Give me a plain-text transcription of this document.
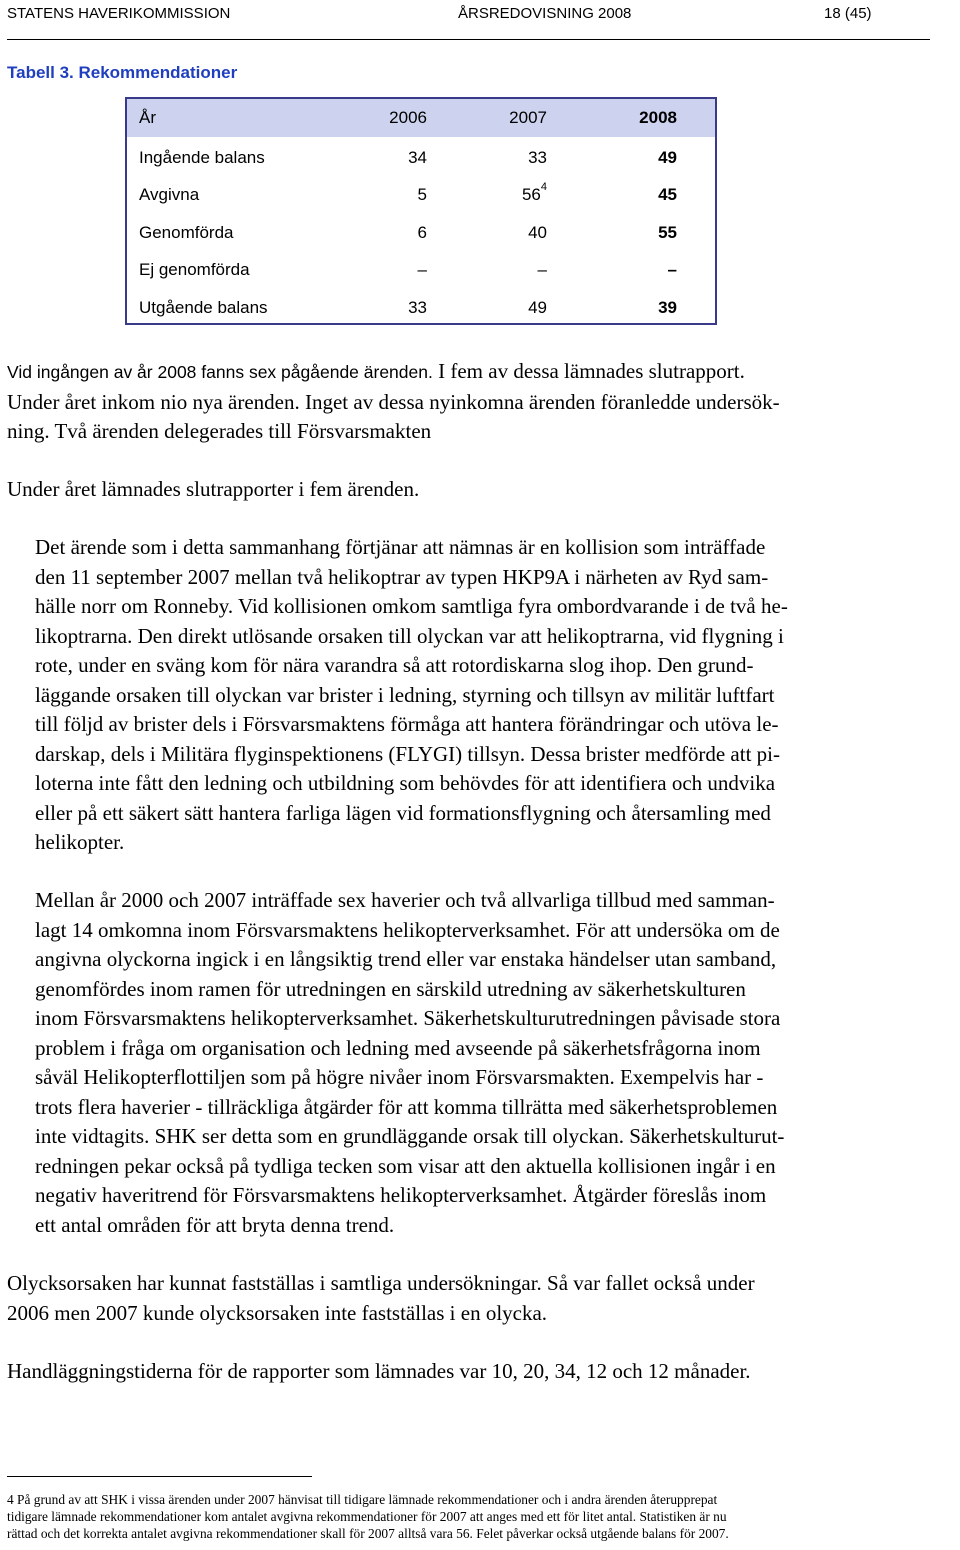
STATENS HAVERIKOMMISSION	ÅRSREDOVISNING 2008	18 (45)
Tabell 3. Rekommendationer
År	2006	2007	2008
Ingående balans	34	33	49
Avgivna	5	$56^4$	45
Genomförda	6	40	55
Ej genomförda	–	–	–
Utgående balans	33	49	39
Vid ingången av år 2008 fanns sex pågående ärenden. I fem av dessa lämnades slutrapport.
Under året inkom nio nya ärenden. Inget av dessa nyinkomna ärenden föranledde undersök-
ning. Två ärenden delegerades till Försvarsmakten

Under året lämnades slutrapporter i fem ärenden.

Det ärende som i detta sammanhang förtjänar att nämnas är en kollision som inträffade
den 11 september 2007 mellan två helikoptrar av typen HKP9A i närheten av Ryd sam-
hälle norr om Ronneby. Vid kollisionen omkom samtliga fyra ombordvarande i de två he-
likoptrarna. Den direkt utlösande orsaken till olyckan var att helikoptrarna, vid flygning i
rote, under en sväng kom för nära varandra så att rotordiskarna slog ihop. Den grund-
läggande orsaken till olyckan var brister i ledning, styrning och tillsyn av militär luftfart
till följd av brister dels i Försvarsmaktens förmåga att hantera förändringar och utöva le-
darskap, dels i Militära flyginspektionens (FLYGI) tillsyn. Dessa brister medförde att pi-
loterna inte fått den ledning och utbildning som behövdes för att identifiera och undvika
eller på ett säkert sätt hantera farliga lägen vid formationsflygning och återsamling med
helikopter.
Mellan år 2000 och 2007 inträffade sex haverier och två allvarliga tillbud med samman-
lagt 14 omkomna inom Försvarsmaktens helikopterverksamhet. För att undersöka om de
angivna olyckorna ingick i en långsiktig trend eller var enstaka händelser utan samband,
genomfördes inom ramen för utredningen en särskild utredning av säkerhetskulturen
inom Försvarsmaktens helikopterverksamhet. Säkerhetskulturutredningen påvisade stora
problem i fråga om organisation och ledning med avseende på säkerhetsfrågorna inom
såväl Helikopterflottiljen som på högre nivåer inom Försvarsmakten. Exempelvis har -
trots flera haverier - tillräckliga åtgärder för att komma tillrätta med säkerhetsproblemen
inte vidtagits. SHK ser detta som en grundläggande orsak till olyckan. Säkerhetskulturut-
redningen pekar också på tydliga tecken som visar att den aktuella kollisionen ingår i en
negativ haveritrend för Försvarsmaktens helikopterverksamhet. Åtgärder föreslås inom
ett antal områden för att bryta denna trend.
Olycksorsaken har kunnat fastställas i samtliga undersökningar. Så var fallet också under
2006 men 2007 kunde olycksorsaken inte fastställas i en olycka.

Handläggningstiderna för de rapporter som lämnades var 10, 20, 34, 12 och 12 månader.

4 På grund av att SHK i vissa ärenden under 2007 hänvisat till tidigare lämnade rekommendationer och i andra ärenden återupprepat
tidigare lämnade rekommendationer kom antalet avgivna rekommendationer för 2007 att anges med ett för litet antal. Statistiken är nu
rättad och det korrekta antalet avgivna rekommendationer skall för 2007 alltså vara 56. Felet påverkar också utgående balans för 2007.
